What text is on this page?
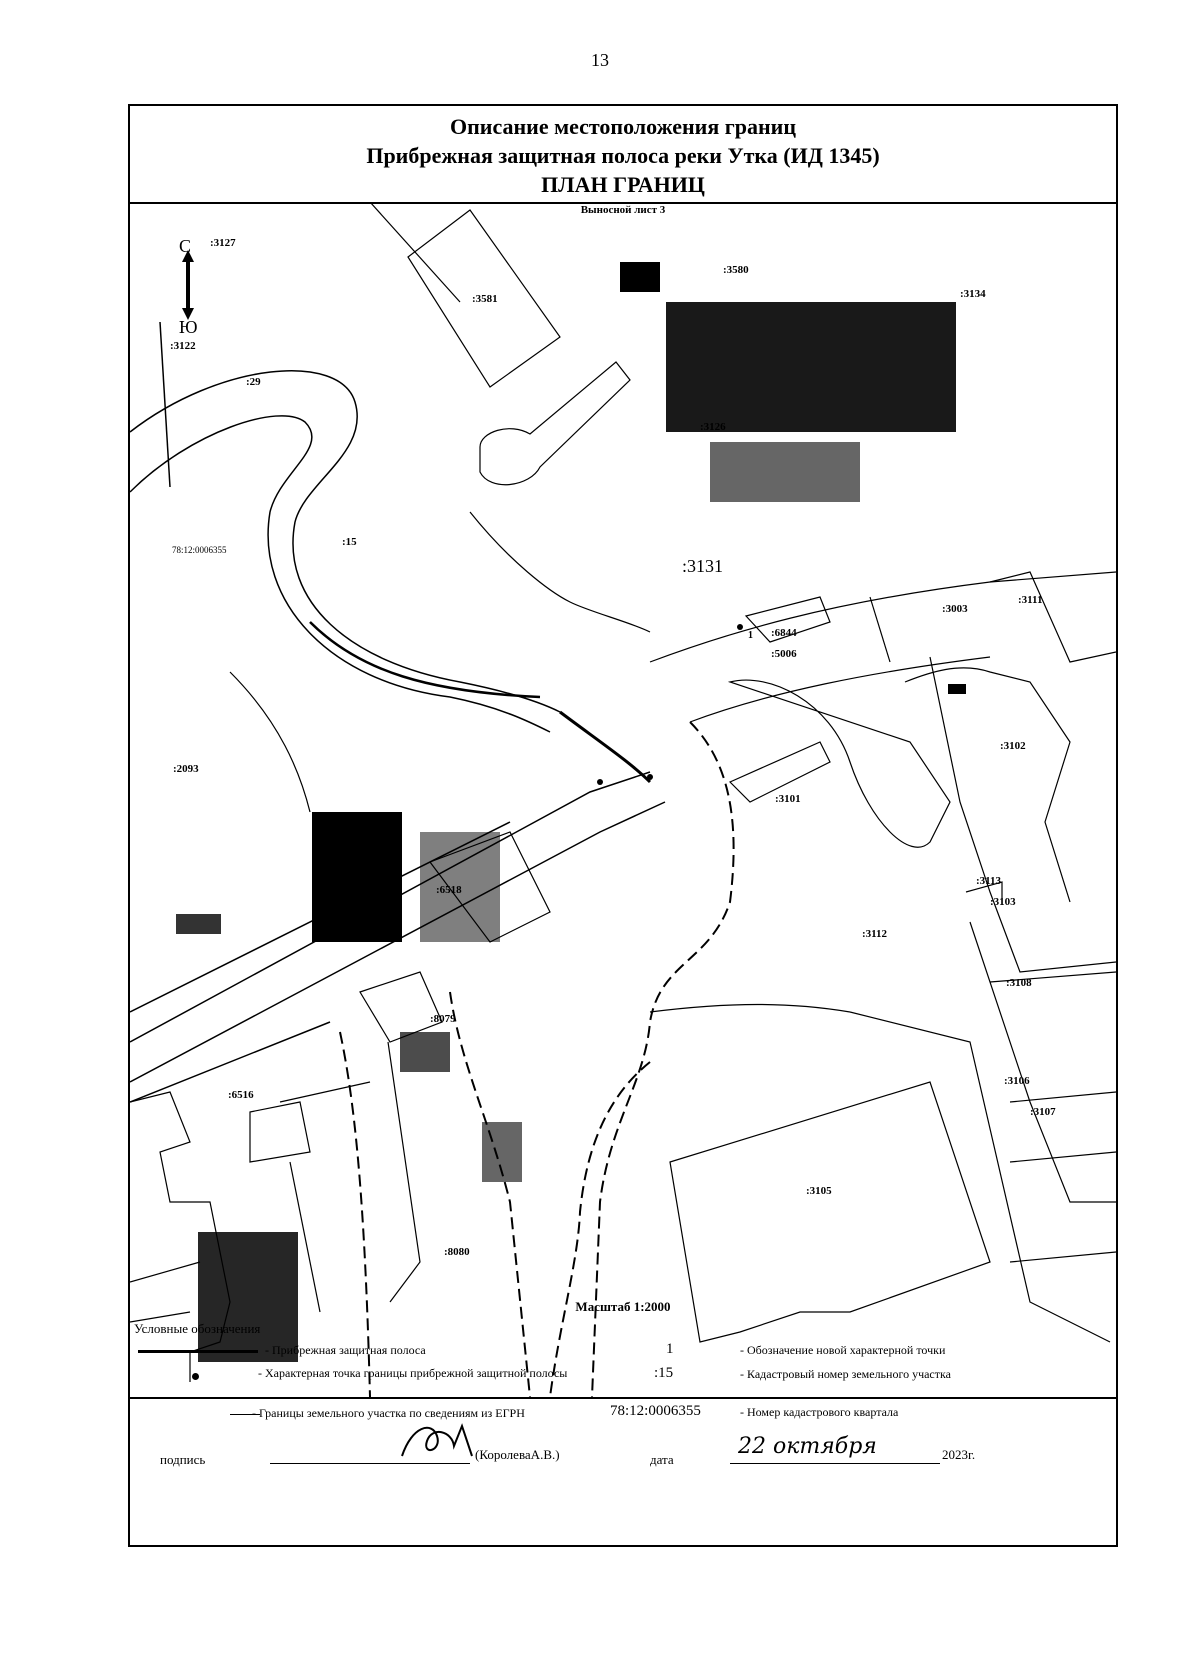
13
Описание местоположения границ
Прибрежная защитная полоса реки Утка (ИД 1345)
ПЛАН ГРАНИЦ
С
Ю
:3127
:3122
:3581
:3580
:3134
:29
:3126
:15
:3131
78:12:0006355
:3003
:3111
1 :6844
:5006
:2093
:3102
:3101
:6518
:3113
:3103
:3112
:3108
:8079
:6516
:3106
:3107
:3105
:8080
Выносной лист 3
Масштаб 1:2000
Условные обозначения
- Прибрежная защитная полоса
- Характерная точка границы прибрежной защитной полосы
- Границы земельного участка по сведениям из ЕГРН
1	- Обозначение новой характерной точки
:15	- Кадастровый номер земельного участка
78:12:0006355	- Номер кадастрового квартала
подпись	(КоролеваА.В.)	дата
22 октября	2023г.
